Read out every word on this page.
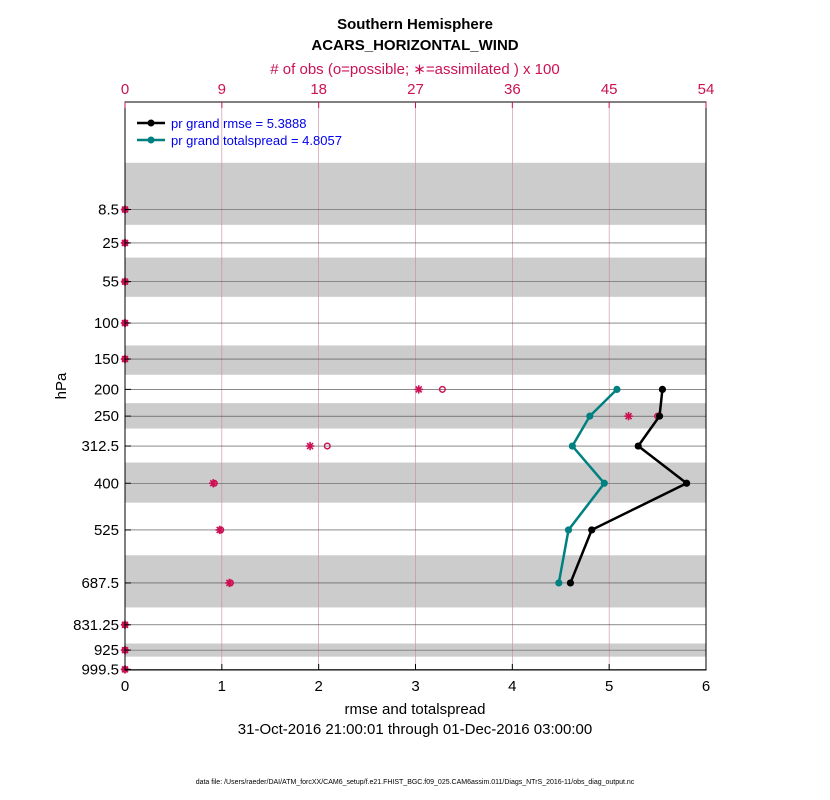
Southern Hemisphere
ACARS_HORIZONTAL_WIND
# of obs (o=possible; ∗=assimilated ) x 100
0	1	2	3	4	5	6
0	9	18	27	36	45	54
8.5
25
55
100
150
200
250
312.5
400
525
687.5
831.25
925
999.5
pr grand rmse = 5.3888
pr grand totalspread = 4.8057
hPa
rmse and totalspread
31-Oct-2016 21:00:01 through 01-Dec-2016 03:00:00
data file: /Users/raeder/DAI/ATM_forcXX/CAM6_setup/f.e21.FHIST_BGC.f09_025.CAM6assim.011/Diags_NTrS_2016-11/obs_diag_output.nc
